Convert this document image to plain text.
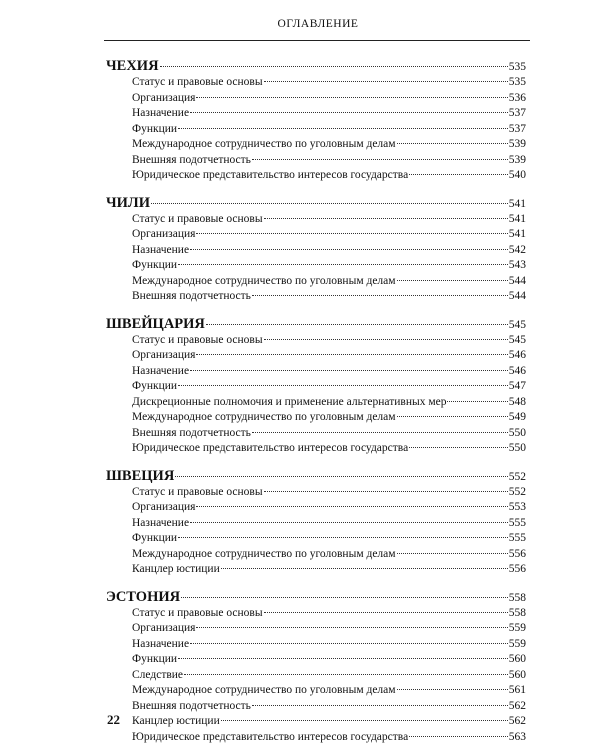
ОГЛАВЛЕНИЕ
ЧЕХИЯ	535
Статус и правовые основы	535
Организация	536
Назначение	537
Функции	537
Международное сотрудничество по уголовным делам	539
Внешняя подотчетность	539
Юридическое представительство интересов государства	540
ЧИЛИ	541
Статус и правовые основы	541
Организация	541
Назначение	542
Функции	543
Международное сотрудничество по уголовным делам	544
Внешняя подотчетность	544
ШВЕЙЦАРИЯ	545
Статус и правовые основы	545
Организация	546
Назначение	546
Функции	547
Дискреционные полномочия и применение альтернативных мер	548
Международное сотрудничество по уголовным делам	549
Внешняя подотчетность	550
Юридическое представительство интересов государства	550
ШВЕЦИЯ	552
Статус и правовые основы	552
Организация	553
Назначение	555
Функции	555
Международное сотрудничество по уголовным делам	556
Канцлер юстиции	556
ЭСТОНИЯ	558
Статус и правовые основы	558
Организация	559
Назначение	559
Функции	560
Следствие	560
Международное сотрудничество по уголовным делам	561
Внешняя подотчетность	562
Канцлер юстиции	562
Юридическое представительство интересов государства	563
22
